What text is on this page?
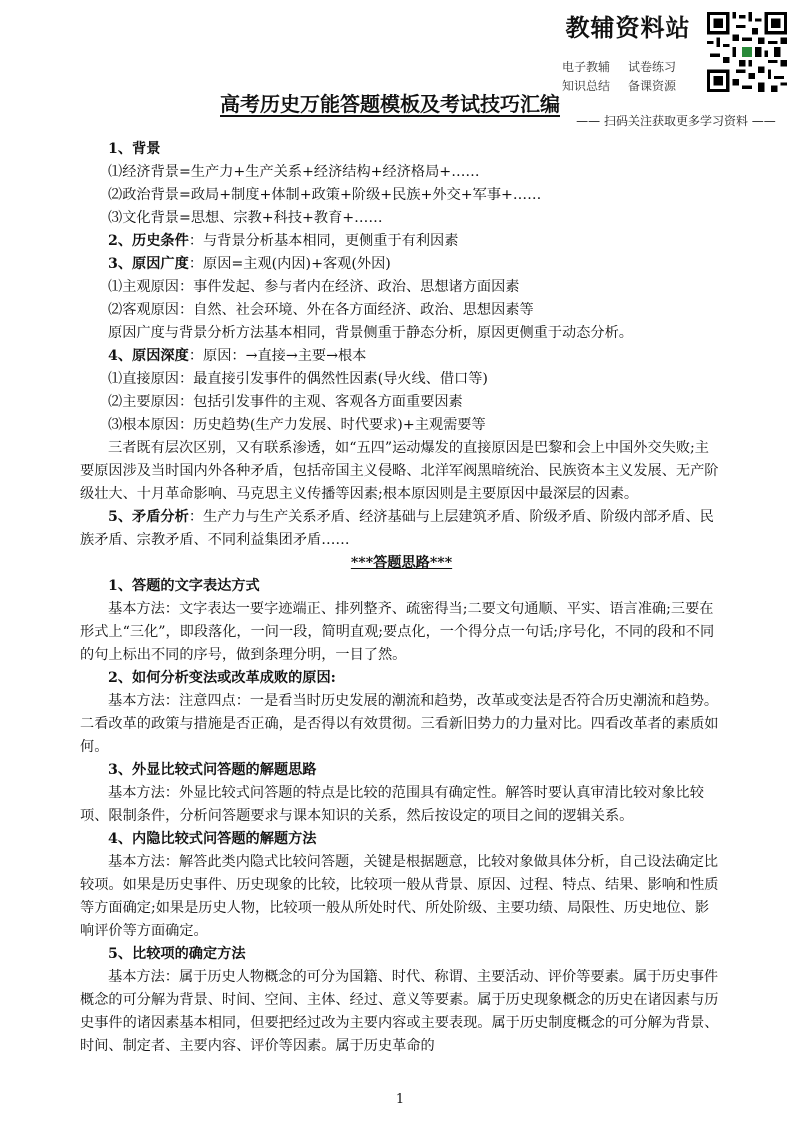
教辅资料站
电子教辅 试卷练习
知识总结 备课资源
高考历史万能答题模板及考试技巧汇编
—— 扫码关注获取更多学习资料 ——

1、背景

⑴经济背景=生产力+生产关系+经济结构+经济格局+……

⑵政治背景=政局+制度+体制+政策+阶级+民族+外交+军事+……

⑶文化背景=思想、宗教+科技+教育+……

2、历史条件：与背景分析基本相同，更侧重于有利因素

3、原因广度：原因=主观(内因)+客观(外因)

⑴主观原因：事件发起、参与者内在经济、政治、思想诸方面因素

⑵客观原因：自然、社会环境、外在各方面经济、政治、思想因素等

原因广度与背景分析方法基本相同，背景侧重于静态分析，原因更侧重于动态分析。

4、原因深度：原因：→直接→主要→根本

⑴直接原因：最直接引发事件的偶然性因素(导火线、借口等)

⑵主要原因：包括引发事件的主观、客观各方面重要因素

⑶根本原因：历史趋势(生产力发展、时代要求)+主观需要等

三者既有层次区别，又有联系渗透，如“五四”运动爆发的直接原因是巴黎和会上中国外交失败;主要原因涉及当时国内外各种矛盾，包括帝国主义侵略、北洋军阀黑暗统治、民族资本主义发展、无产阶级壮大、十月革命影响、马克思主义传播等因素;根本原因则是主要原因中最深层的因素。

5、矛盾分析：生产力与生产关系矛盾、经济基础与上层建筑矛盾、阶级矛盾、阶级内部矛盾、民族矛盾、宗教矛盾、不同利益集团矛盾……

***答题思路***

1、答题的文字表达方式

基本方法：文字表达一要字迹端正、排列整齐、疏密得当;二要文句通顺、平实、语言准确;三要在形式上“三化”，即段落化，一问一段，简明直观;要点化，一个得分点一句话;序号化，不同的段和不同的句上标出不同的序号，做到条理分明，一目了然。

2、如何分析变法或改革成败的原因:

基本方法：注意四点：一是看当时历史发展的潮流和趋势，改革或变法是否符合历史潮流和趋势。二看改革的政策与措施是否正确，是否得以有效贯彻。三看新旧势力的力量对比。四看改革者的素质如何。

3、外显比较式问答题的解题思路

基本方法：外显比较式问答题的特点是比较的范围具有确定性。解答时要认真审清比较对象比较项、限制条件，分析问答题要求与课本知识的关系，然后按设定的项目之间的逻辑关系。

4、内隐比较式问答题的解题方法

基本方法：解答此类内隐式比较问答题，关键是根据题意，比较对象做具体分析，自己设法确定比较项。如果是历史事件、历史现象的比较，比较项一般从背景、原因、过程、特点、结果、影响和性质等方面确定;如果是历史人物，比较项一般从所处时代、所处阶级、主要功绩、局限性、历史地位、影响评价等方面确定。

5、比较项的确定方法

基本方法：属于历史人物概念的可分为国籍、时代、称谓、主要活动、评价等要素。属于历史事件概念的可分解为背景、时间、空间、主体、经过、意义等要素。属于历史现象概念的历史在诸因素与历史事件的诸因素基本相同，但要把经过改为主要内容或主要表现。属于历史制度概念的可分解为背景、时间、制定者、主要内容、评价等因素。属于历史革命的

1
